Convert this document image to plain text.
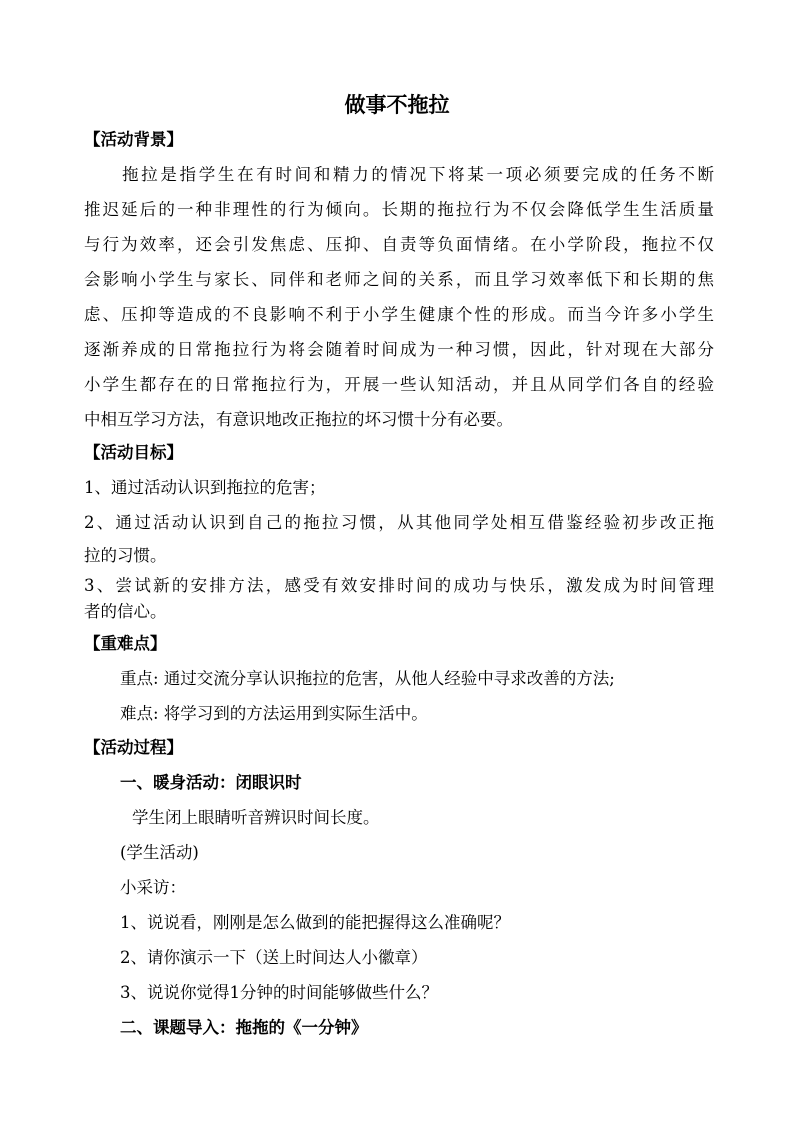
做事不拖拉
【活动背景】
拖拉是指学生在有时间和精力的情况下将某一项必须要完成的任务不断
推迟延后的一种非理性的行为倾向。长期的拖拉行为不仅会降低学生生活质量
与行为效率，还会引发焦虑、压抑、自责等负面情绪。在小学阶段，拖拉不仅
会影响小学生与家长、同伴和老师之间的关系，而且学习效率低下和长期的焦
虑、压抑等造成的不良影响不利于小学生健康个性的形成。而当今许多小学生
逐渐养成的日常拖拉行为将会随着时间成为一种习惯，因此，针对现在大部分
小学生都存在的日常拖拉行为，开展一些认知活动，并且从同学们各自的经验
中相互学习方法，有意识地改正拖拉的坏习惯十分有必要。
【活动目标】
1、通过活动认识到拖拉的危害；
2、通过活动认识到自己的拖拉习惯，从其他同学处相互借鉴经验初步改正拖
拉的习惯。
3、尝试新的安排方法，感受有效安排时间的成功与快乐，激发成为时间管理
者的信心。
【重难点】
重点: 通过交流分享认识拖拉的危害，从他人经验中寻求改善的方法;
难点: 将学习到的方法运用到实际生活中。
【活动过程】
一、暖身活动：闭眼识时
学生闭上眼睛听音辨识时间长度。
(学生活动)
小采访：
1、说说看，刚刚是怎么做到的能把握得这么准确呢？
2、请你演示一下（送上时间达人小徽章）
3、说说你觉得1分钟的时间能够做些什么？
二、课题导入：拖拖的《一分钟》
